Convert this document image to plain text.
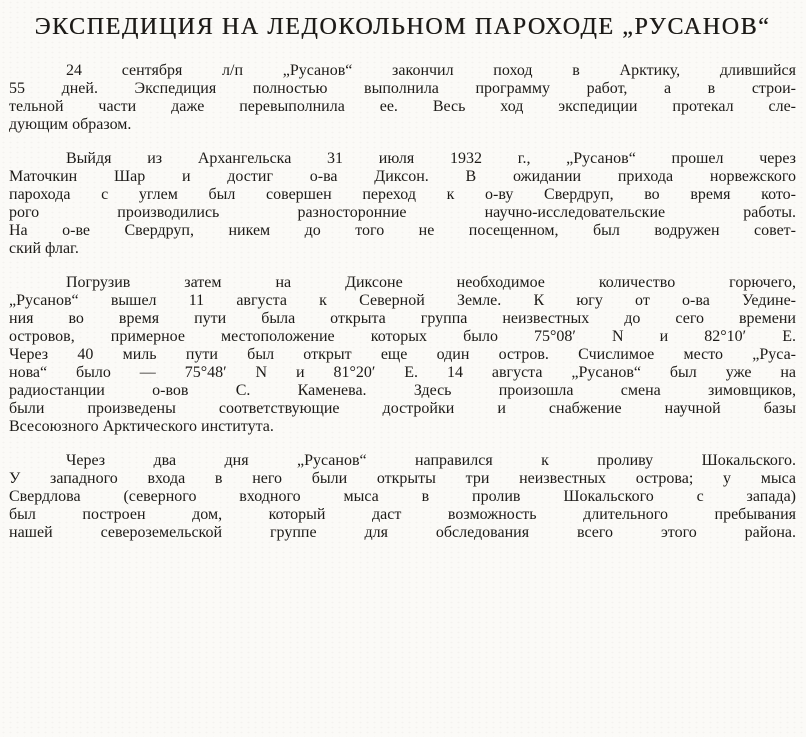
ЭКСПЕДИЦИЯ НА ЛЕДОКОЛЬНОМ ПАРОХОДЕ „РУСАНОВ“

24 сентября л/п „Русанов“ закончил поход в Арктику, длившийся
55 дней. Экспедиция полностью выполнила программу работ, а в строи-
тельной части даже перевыполнила ее. Весь ход экспедиции протекал сле-
дующим образом.

Выйдя из Архангельска 31 июля 1932 г., „Русанов“ прошел через
Маточкин Шар и достиг о-ва Диксон. В ожидании прихода норвежского
парохода с углем был совершен переход к о-ву Свердруп, во время кото-
рого производились разносторонние научно-исследовательские работы.
На о-ве Свердруп, никем до того не посещенном, был водружен совет-
ский флаг.

Погрузив затем на Диксоне необходимое количество горючего,
„Русанов“ вышел 11 августа к Северной Земле. К югу от о-ва Уедине-
ния во время пути была открыта группа неизвестных до сего времени
островов, примерное местоположение которых было 75°08′ N и 82°10′ E.
Через 40 миль пути был открыт еще один остров. Счислимое место „Руса-
нова“ было — 75°48′ N и 81°20′ E. 14 августа „Русанов“ был уже на
радиостанции о-вов С. Каменева. Здесь произошла смена зимовщиков,
были произведены соответствующие достройки и снабжение научной базы
Всесоюзного Арктического института.

Через два дня „Русанов“ направился к проливу Шокальского.
У западного входа в него были открыты три неизвестных острова; у мыса
Свердлова (северного входного мыса в пролив Шокальского с запада)
был построен дом, который даст возможность длительного пребывания
нашей североземельской группе для обследования всего этого района.
